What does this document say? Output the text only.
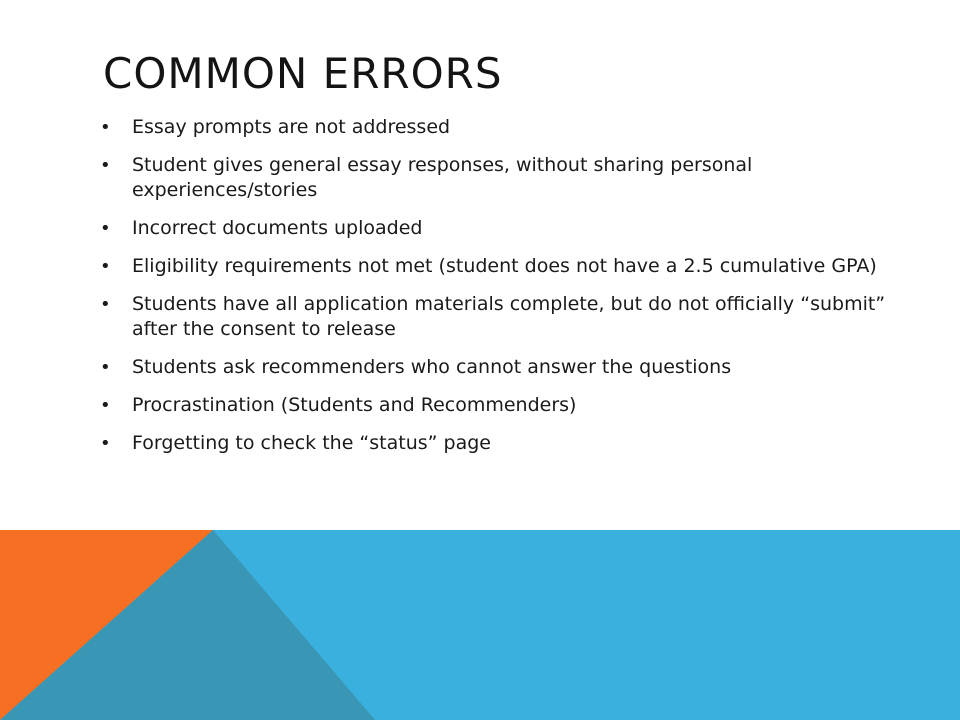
COMMON ERRORS
• Essay prompts are not addressed
• Student gives general essay responses, without sharing personal experiences/stories
• Incorrect documents uploaded
• Eligibility requirements not met (student does not have a 2.5 cumulative GPA)
• Students have all application materials complete, but do not officially “submit” after the consent to release
• Students ask recommenders who cannot answer the questions
• Procrastination (Students and Recommenders)
• Forgetting to check the “status” page
